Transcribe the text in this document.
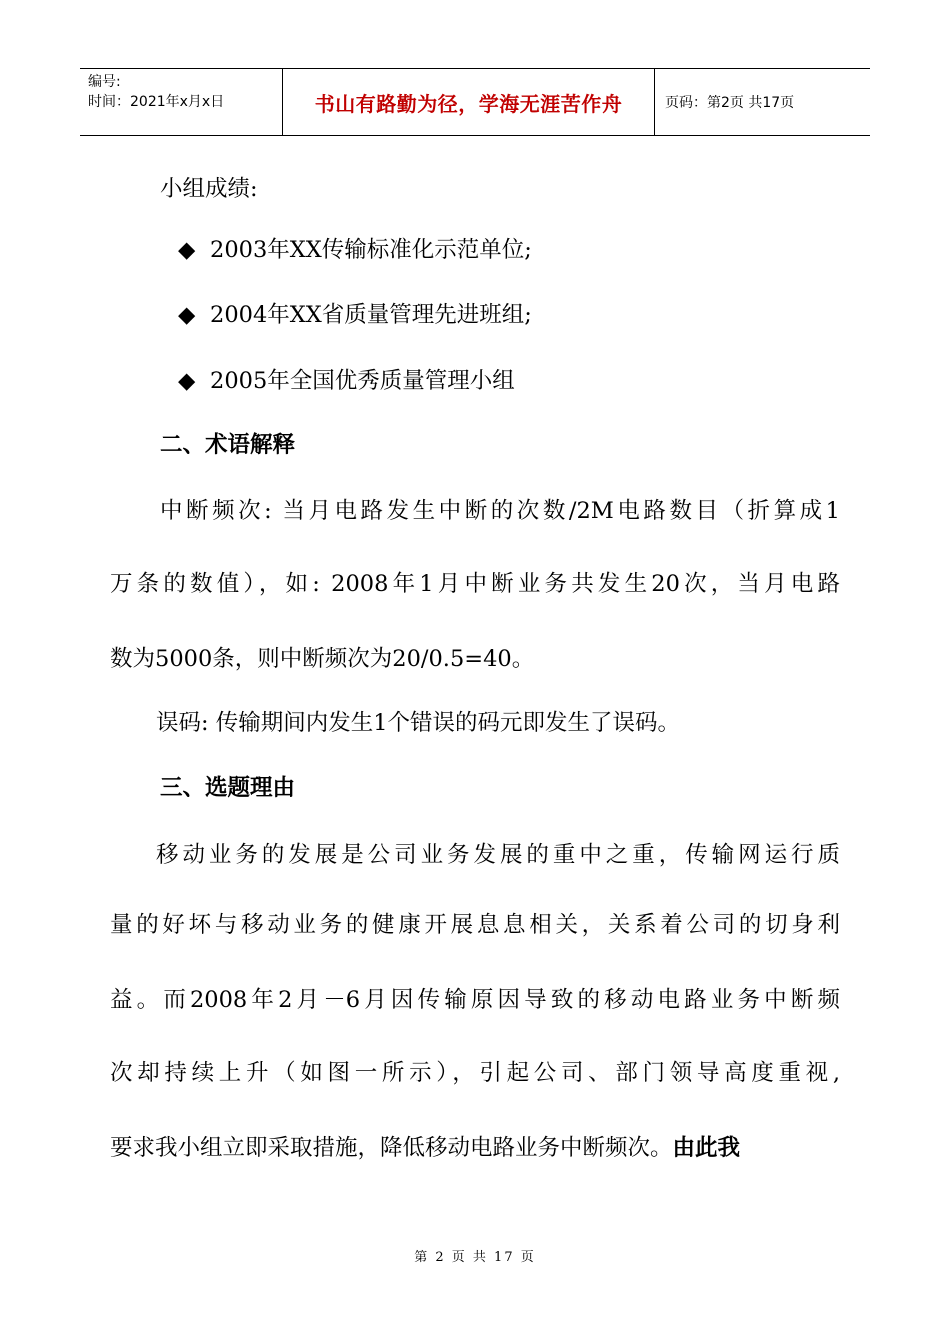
编号:
时间：2021年x月x日	书山有路勤为径，学海无涯苦作舟	页码：第2页 共17页
小组成绩:
◆ 2003年XX传输标准化示范单位;
◆ 2004年XX省质量管理先进班组;
◆ 2005年全国优秀质量管理小组
二、术语解释
中断频次: 当月电路发生中断的次数/2M电路数目（折算成1
万条的数值），如: 2008年1月中断业务共发生20次，当月电路
数为5000条，则中断频次为20/0.5=40。
误码: 传输期间内发生1个错误的码元即发生了误码。
三、选题理由
移动业务的发展是公司业务发展的重中之重，传输网运行质
量的好坏与移动业务的健康开展息息相关，关系着公司的切身利
益。而2008年2月－6月因传输原因导致的移动电路业务中断频
次却持续上升（如图一所示），引起公司、部门领导高度重视,
要求我小组立即采取措施，降低移动电路业务中断频次。由此我
第 2 页 共 17 页
